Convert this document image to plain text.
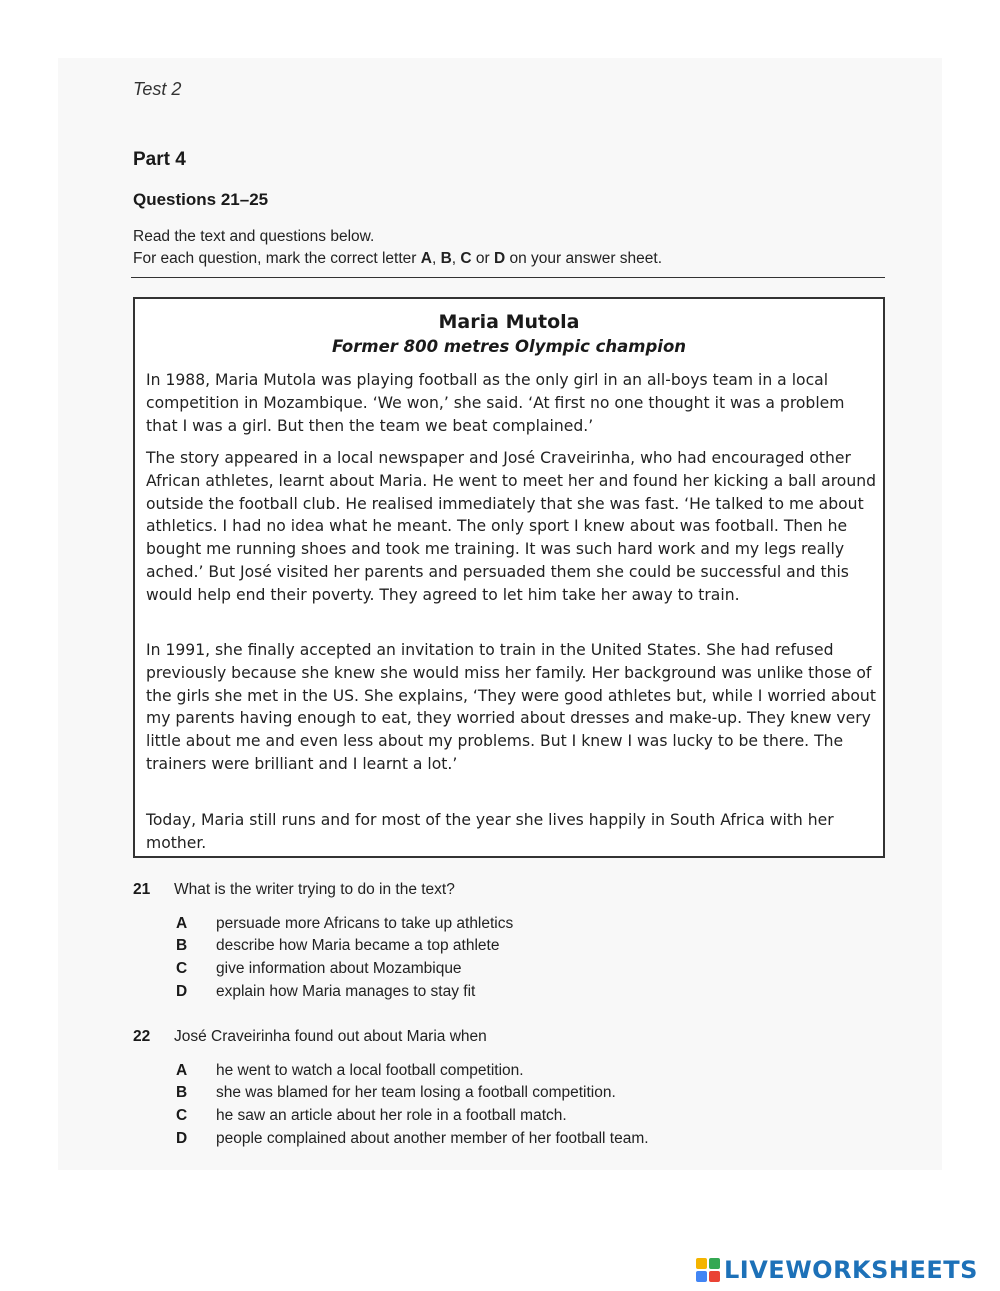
Test 2
Part 4
Questions 21–25
Read the text and questions below.
For each question, mark the correct letter A, B, C or D on your answer sheet.
Maria Mutola
Former 800 metres Olympic champion
In 1988, Maria Mutola was playing football as the only girl in an all-boys team in a local competition in Mozambique. ‘We won,’ she said. ‘At first no one thought it was a problem that I was a girl. But then the team we beat complained.’
The story appeared in a local newspaper and José Craveirinha, who had encouraged other African athletes, learnt about Maria. He went to meet her and found her kicking a ball around outside the football club. He realised immediately that she was fast. ‘He talked to me about athletics. I had no idea what he meant. The only sport I knew about was football. Then he bought me running shoes and took me training. It was such hard work and my legs really ached.’ But José visited her parents and persuaded them she could be successful and this would help end their poverty. They agreed to let him take her away to train.
In 1991, she finally accepted an invitation to train in the United States. She had refused previously because she knew she would miss her family. Her background was unlike those of the girls she met in the US. She explains, ‘They were good athletes but, while I worried about my parents having enough to eat, they worried about dresses and make-up. They knew very little about me and even less about my problems. But I knew I was lucky to be there. The trainers were brilliant and I learnt a lot.’
Today, Maria still runs and for most of the year she lives happily in South Africa with her mother.
21 What is the writer trying to do in the text?
A persuade more Africans to take up athletics
B describe how Maria became a top athlete
C give information about Mozambique
D explain how Maria manages to stay fit
22 José Craveirinha found out about Maria when
A he went to watch a local football competition.
B she was blamed for her team losing a football competition.
C he saw an article about her role in a football match.
D people complained about another member of her football team.
LIVEWORKSHEETS
